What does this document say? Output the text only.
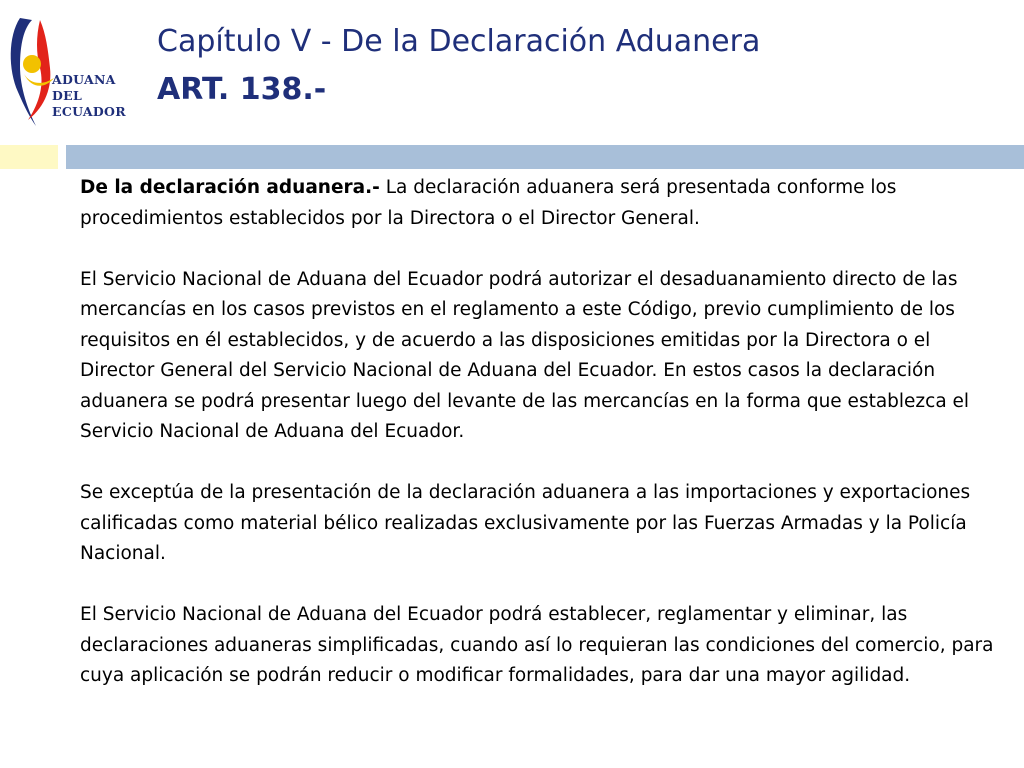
ADUANA
DEL
ECUADOR
Capítulo V - De la Declaración Aduanera
ART. 138.-

De la declaración aduanera.- La declaración aduanera será presentada conforme los procedimientos establecidos por la Directora o el Director General.

El Servicio Nacional de Aduana del Ecuador podrá autorizar el desaduanamiento directo de las mercancías en los casos previstos en el reglamento a este Código, previo cumplimiento de los requisitos en él establecidos, y de acuerdo a las disposiciones emitidas por la Directora o el Director General del Servicio Nacional de Aduana del Ecuador. En estos casos la declaración aduanera se podrá presentar luego del levante de las mercancías en la forma que establezca el Servicio Nacional de Aduana del Ecuador.

Se exceptúa de la presentación de la declaración aduanera a las importaciones y exportaciones calificadas como material bélico realizadas exclusivamente por las Fuerzas Armadas y la Policía Nacional.

El Servicio Nacional de Aduana del Ecuador podrá establecer, reglamentar y eliminar, las declaraciones aduaneras simplificadas, cuando así lo requieran las condiciones del comercio, para cuya aplicación se podrán reducir o modificar formalidades, para dar una mayor agilidad.
